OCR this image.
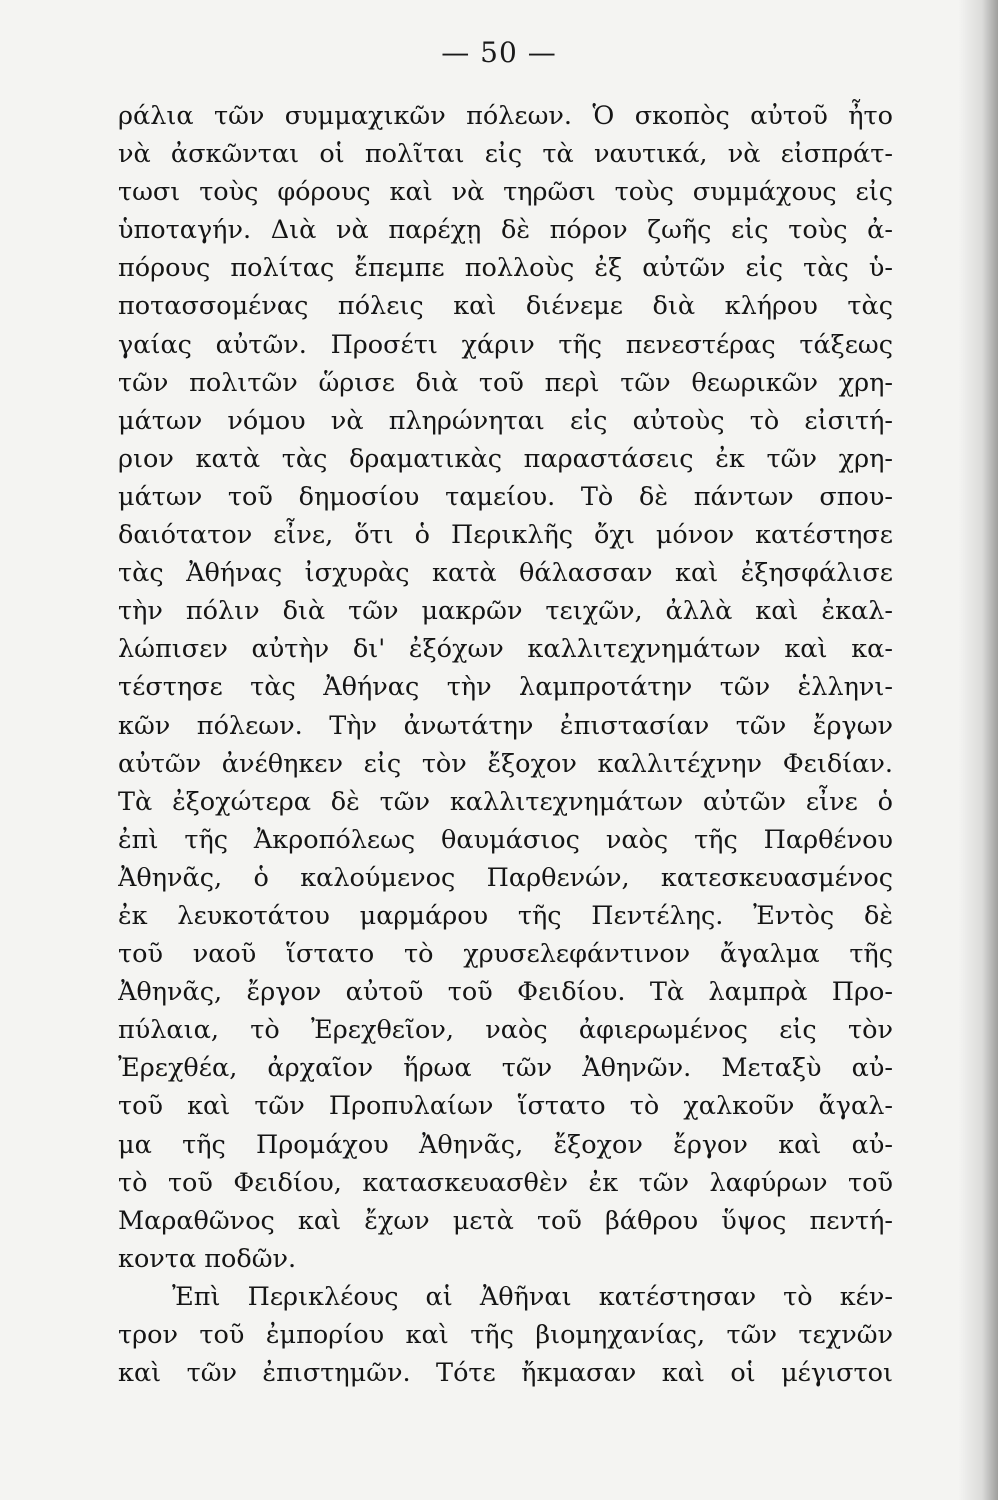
— 50 —
ράλια τῶν συμμαχικῶν πόλεων. Ὁ σκοπὸς αὐτοῦ ἦτο
νὰ ἀσκῶνται οἱ πολῖται εἰς τὰ ναυτικά, νὰ εἰσπράτ-
τωσι τοὺς φόρους καὶ νὰ τηρῶσι τοὺς συμμάχους εἰς
ὑποταγήν. Διὰ νὰ παρέχῃ δὲ πόρον ζωῆς εἰς τοὺς ἀ-
πόρους πολίτας ἔπεμπε πολλοὺς ἐξ αὐτῶν εἰς τὰς ὑ-
ποτασσομένας πόλεις καὶ διένεμε διὰ κλήρου τὰς
γαίας αὐτῶν. Προσέτι χάριν τῆς πενεστέρας τάξεως
τῶν πολιτῶν ὥρισε διὰ τοῦ περὶ τῶν θεωρικῶν χρη-
μάτων νόμου νὰ πληρώνηται εἰς αὐτοὺς τὸ εἰσιτή-
ριον κατὰ τὰς δραματικὰς παραστάσεις ἐκ τῶν χρη-
μάτων τοῦ δημοσίου ταμείου. Τὸ δὲ πάντων σπου-
δαιότατον εἶνε, ὅτι ὁ Περικλῆς ὄχι μόνον κατέστησε
τὰς Ἀθήνας ἰσχυρὰς κατὰ θάλασσαν καὶ ἐξησφάλισε
τὴν πόλιν διὰ τῶν μακρῶν τειχῶν, ἀλλὰ καὶ ἐκαλ-
λώπισεν αὐτὴν δι' ἐξόχων καλλιτεχνημάτων καὶ κα-
τέστησε τὰς Ἀθήνας τὴν λαμπροτάτην τῶν ἑλληνι-
κῶν πόλεων. Τὴν ἀνωτάτην ἐπιστασίαν τῶν ἔργων
αὐτῶν ἀνέθηκεν εἰς τὸν ἔξοχον καλλιτέχνην Φειδίαν.
Τὰ ἐξοχώτερα δὲ τῶν καλλιτεχνημάτων αὐτῶν εἶνε ὁ
ἐπὶ τῆς Ἀκροπόλεως θαυμάσιος ναὸς τῆς Παρθένου
Ἀθηνᾶς, ὁ καλούμενος Παρθενών, κατεσκευασμένος
ἐκ λευκοτάτου μαρμάρου τῆς Πεντέλης. Ἐντὸς δὲ
τοῦ ναοῦ ἵστατο τὸ χρυσελεφάντινον ἄγαλμα τῆς
Ἀθηνᾶς, ἔργον αὐτοῦ τοῦ Φειδίου. Τὰ λαμπρὰ Προ-
πύλαια, τὸ Ἐρεχθεῖον, ναὸς ἀφιερωμένος εἰς τὸν
Ἐρεχθέα, ἀρχαῖον ἥρωα τῶν Ἀθηνῶν. Μεταξὺ αὐ-
τοῦ καὶ τῶν Προπυλαίων ἵστατο τὸ χαλκοῦν ἄγαλ-
μα τῆς Προμάχου Ἀθηνᾶς, ἔξοχον ἔργον καὶ αὐ-
τὸ τοῦ Φειδίου, κατασκευασθὲν ἐκ τῶν λαφύρων τοῦ
Μαραθῶνος καὶ ἔχων μετὰ τοῦ βάθρου ὕψος πεντή-
κοντα ποδῶν.
Ἐπὶ Περικλέους αἱ Ἀθῆναι κατέστησαν τὸ κέν-
τρον τοῦ ἐμπορίου καὶ τῆς βιομηχανίας, τῶν τεχνῶν
καὶ τῶν ἐπιστημῶν. Τότε ἤκμασαν καὶ οἱ μέγιστοι
